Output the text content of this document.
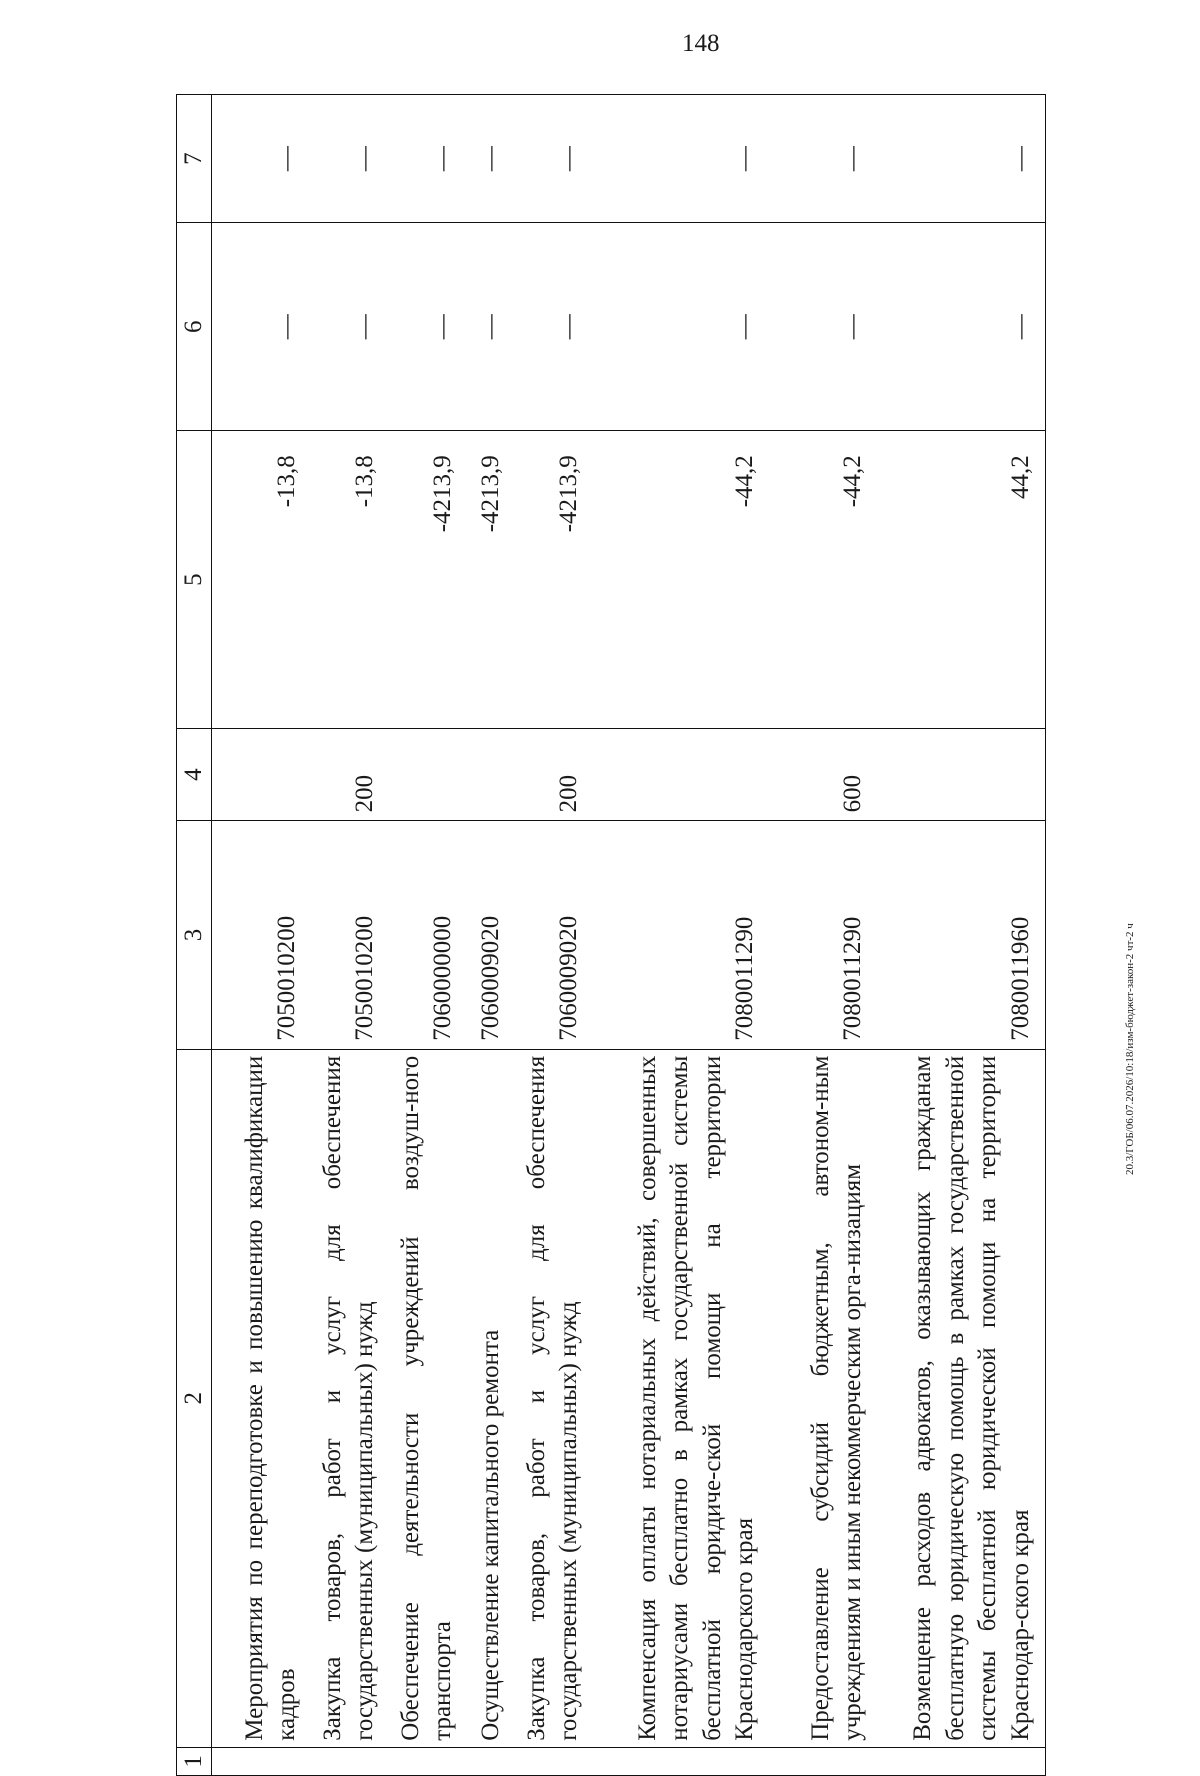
148
20.3/ГОБ/06.07.2026/10:18/изм-бюджет-закон-2 чт-2 ч
1	2	3	4	5	6	7
	Мероприятия по переподготовке и повышению квалификации кадров	7050010200		-13,8	—	—
	Закупка товаров, работ и услуг для обеспечения государственных (муниципальных) нужд	7050010200	200	-13,8	—	—
	Обеспечение деятельности учреждений воздуш-ного транспорта	7060000000		-4213,9	—	—
	Осуществление капитального ремонта	7060009020		-4213,9	—	—
	Закупка товаров, работ и услуг для обеспечения государственных (муниципальных) нужд	7060009020	200	-4213,9	—	—
	Компенсация оплаты нотариальных действий, совершенных нотариусами бесплатно в рамках государственной системы бесплатной юридиче-ской помощи на территории Краснодарского края	7080011290		-44,2	—	—
	Предоставление субсидий бюджетным, автоном-ным учреждениям и иным некоммерческим орга-низациям	7080011290	600	-44,2	—	—
	Возмещение расходов адвокатов, оказывающих гражданам бесплатную юридическую помощь в рамках государственной системы бесплатной юридической помощи на территории Краснодар-ского края	7080011960		44,2	—	—
